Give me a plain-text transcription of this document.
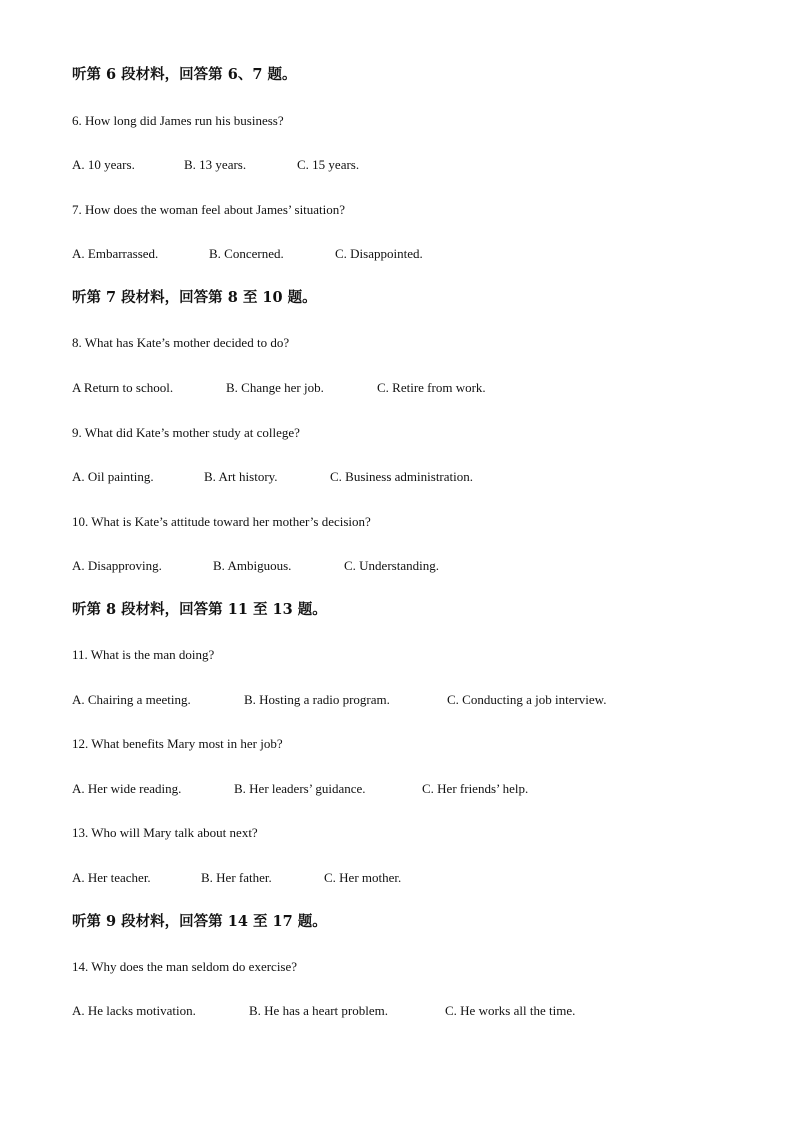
听第 6 段材料，回答第 6、7 题。
6. How long did James run his business?
A. 10 years.	B. 13 years.	C. 15 years.
7. How does the woman feel about James’ situation?
A. Embarrassed.	B. Concerned.	C. Disappointed.
听第 7 段材料，回答第 8 至 10 题。
8. What has Kate’s mother decided to do?
A Return to school.	B. Change her job.	C. Retire from work.
9. What did Kate’s mother study at college?
A. Oil painting.	B. Art history.	C. Business administration.
10. What is Kate’s attitude toward her mother’s decision?
A. Disapproving.	B. Ambiguous.	C. Understanding.
听第 8 段材料，回答第 11 至 13 题。
11. What is the man doing?
A. Chairing a meeting.	B. Hosting a radio program.	C. Conducting a job interview.
12. What benefits Mary most in her job?
A. Her wide reading.	B. Her leaders’ guidance.	C. Her friends’ help.
13. Who will Mary talk about next?
A. Her teacher.	B. Her father.	C. Her mother.
听第 9 段材料，回答第 14 至 17 题。
14. Why does the man seldom do exercise?
A. He lacks motivation.	B. He has a heart problem.	C. He works all the time.
